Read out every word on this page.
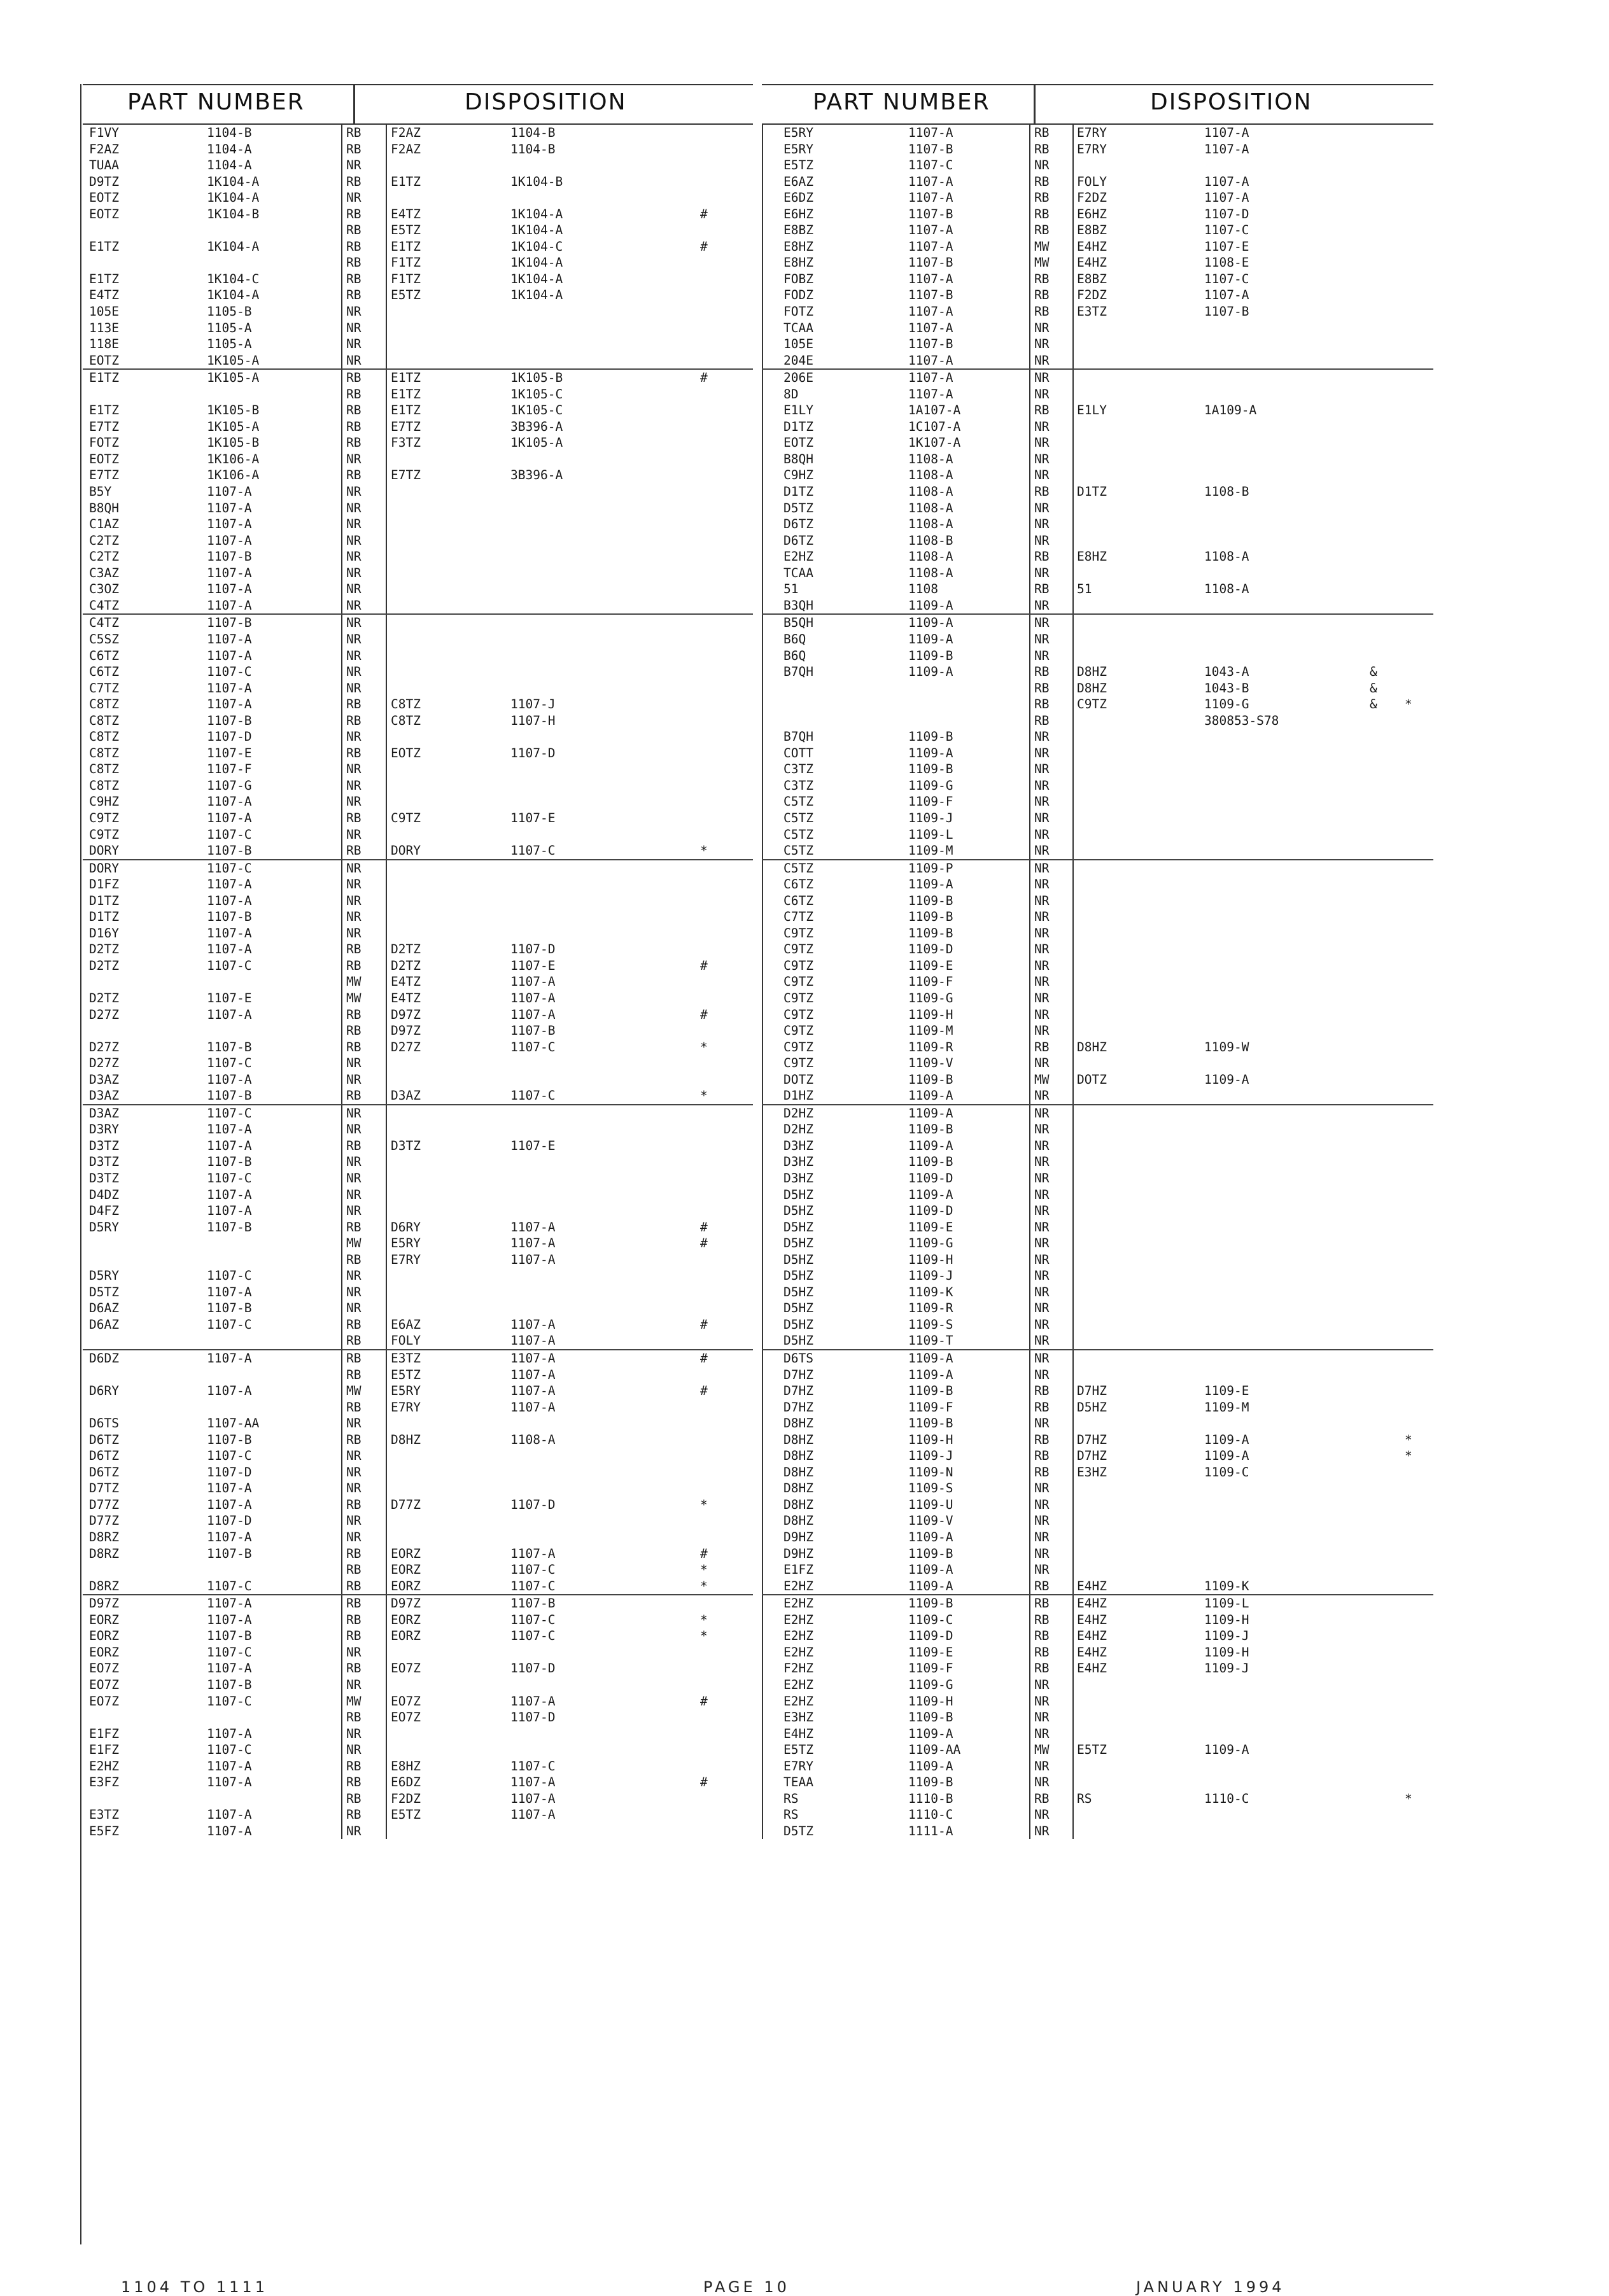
PART NUMBER	DISPOSITION
F1VY	1104-B	RB F2AZ	1104-B
F2AZ	1104-A	RB F2AZ	1104-B
TUAA	1104-A	NR
D9TZ	1K104-A	RB E1TZ	1K104-B
EOTZ	1K104-A	NR
EOTZ	1K104-B	RB E4TZ	1K104-A	#
RB E5TZ	1K104-A
E1TZ	1K104-A	RB E1TZ	1K104-C	#
RB F1TZ	1K104-A
E1TZ	1K104-C	RB F1TZ	1K104-A
E4TZ	1K104-A	RB E5TZ	1K104-A
105E	1105-B	NR
113E	1105-A	NR
118E	1105-A	NR
EOTZ	1K105-A	NR
E1TZ	1K105-A	RB E1TZ	1K105-B	#
RB E1TZ	1K105-C
E1TZ	1K105-B	RB E1TZ	1K105-C
E7TZ	1K105-A	RB E7TZ	3B396-A
FOTZ	1K105-B	RB F3TZ	1K105-A
EOTZ	1K106-A	NR
E7TZ	1K106-A	RB E7TZ	3B396-A
B5Y	1107-A	NR
B8QH	1107-A	NR
C1AZ	1107-A	NR
C2TZ	1107-A	NR
C2TZ	1107-B	NR
C3AZ	1107-A	NR
C3OZ	1107-A	NR
C4TZ	1107-A	NR
C4TZ	1107-B	NR
C5SZ	1107-A	NR
C6TZ	1107-A	NR
C6TZ	1107-C	NR
C7TZ	1107-A	NR
C8TZ	1107-A	RB C8TZ	1107-J
C8TZ	1107-B	RB C8TZ	1107-H
C8TZ	1107-D	NR
C8TZ	1107-E	RB EOTZ	1107-D
C8TZ	1107-F	NR
C8TZ	1107-G	NR
C9HZ	1107-A	NR
C9TZ	1107-A	RB C9TZ	1107-E
C9TZ	1107-C	NR
DORY	1107-B	RB DORY	1107-C	*
DORY	1107-C	NR
D1FZ	1107-A	NR
D1TZ	1107-A	NR
D1TZ	1107-B	NR
D16Y	1107-A	NR
D2TZ	1107-A	RB D2TZ	1107-D
D2TZ	1107-C	RB D2TZ	1107-E	#
MW E4TZ	1107-A
D2TZ	1107-E	MW E4TZ	1107-A
D27Z	1107-A	RB D97Z	1107-A	#
RB D97Z	1107-B
D27Z	1107-B	RB D27Z	1107-C	*
D27Z	1107-C	NR
D3AZ	1107-A	NR
D3AZ	1107-B	RB D3AZ	1107-C	*
D3AZ	1107-C	NR
D3RY	1107-A	NR
D3TZ	1107-A	RB D3TZ	1107-E
D3TZ	1107-B	NR
D3TZ	1107-C	NR
D4DZ	1107-A	NR
D4FZ	1107-A	NR
D5RY	1107-B	RB D6RY	1107-A	#
MW E5RY	1107-A	#
RB E7RY	1107-A
D5RY	1107-C	NR
D5TZ	1107-A	NR
D6AZ	1107-B	NR
D6AZ	1107-C	RB E6AZ	1107-A	#
RB FOLY	1107-A
D6DZ	1107-A	RB E3TZ	1107-A	#
RB E5TZ	1107-A
D6RY	1107-A	MW E5RY	1107-A	#
RB E7RY	1107-A
D6TS	1107-AA	NR
D6TZ	1107-B	RB D8HZ	1108-A
D6TZ	1107-C	NR
D6TZ	1107-D	NR
D7TZ	1107-A	NR
D77Z	1107-A	RB D77Z	1107-D	*
D77Z	1107-D	NR
D8RZ	1107-A	NR
D8RZ	1107-B	RB EORZ	1107-A	#
RB EORZ	1107-C	*
D8RZ	1107-C	RB EORZ	1107-C	*
D97Z	1107-A	RB D97Z	1107-B
EORZ	1107-A	RB EORZ	1107-C	*
EORZ	1107-B	RB EORZ	1107-C	*
EORZ	1107-C	NR
EO7Z	1107-A	RB EO7Z	1107-D
EO7Z	1107-B	NR
EO7Z	1107-C	MW EO7Z	1107-A	#
RB EO7Z	1107-D
E1FZ	1107-A	NR
E1FZ	1107-C	NR
E2HZ	1107-A	RB E8HZ	1107-C
E3FZ	1107-A	RB E6DZ	1107-A	#
RB F2DZ	1107-A
E3TZ	1107-A	RB E5TZ	1107-A
E5FZ	1107-A	NR
PART NUMBER	DISPOSITION
E5RY	1107-A	RB E7RY	1107-A
E5RY	1107-B	RB E7RY	1107-A
E5TZ	1107-C	NR
E6AZ	1107-A	RB FOLY	1107-A
E6DZ	1107-A	RB F2DZ	1107-A
E6HZ	1107-B	RB E6HZ	1107-D
E8BZ	1107-A	RB E8BZ	1107-C
E8HZ	1107-A	MW E4HZ	1107-E
E8HZ	1107-B	MW E4HZ	1108-E
FOBZ	1107-A	RB E8BZ	1107-C
FODZ	1107-B	RB F2DZ	1107-A
FOTZ	1107-A	RB E3TZ	1107-B
TCAA	1107-A	NR
105E	1107-B	NR
204E	1107-A	NR
206E	1107-A	NR
8D	1107-A	NR
E1LY	1A107-A	RB E1LY	1A109-A
D1TZ	1C107-A	NR
EOTZ	1K107-A	NR
B8QH	1108-A	NR
C9HZ	1108-A	NR
D1TZ	1108-A	RB D1TZ	1108-B
D5TZ	1108-A	NR
D6TZ	1108-A	NR
D6TZ	1108-B	NR
E2HZ	1108-A	RB E8HZ	1108-A
TCAA	1108-A	NR
51	1108	RB 51	1108-A
B3QH	1109-A	NR
B5QH	1109-A	NR
B6Q	1109-A	NR
B6Q	1109-B	NR
B7QH	1109-A	RB D8HZ	1043-A	&
RB D8HZ	1043-B	&
RB C9TZ	1109-G	& *
RB	380853-S78
B7QH	1109-B	NR
COTT	1109-A	NR
C3TZ	1109-B	NR
C3TZ	1109-G	NR
C5TZ	1109-F	NR
C5TZ	1109-J	NR
C5TZ	1109-L	NR
C5TZ	1109-M	NR
C5TZ	1109-P	NR
C6TZ	1109-A	NR
C6TZ	1109-B	NR
C7TZ	1109-B	NR
C9TZ	1109-B	NR
C9TZ	1109-D	NR
C9TZ	1109-E	NR
C9TZ	1109-F	NR
C9TZ	1109-G	NR
C9TZ	1109-H	NR
C9TZ	1109-M	NR
C9TZ	1109-R	RB D8HZ	1109-W
C9TZ	1109-V	NR
DOTZ	1109-B	MW DOTZ	1109-A
D1HZ	1109-A	NR
D2HZ	1109-A	NR
D2HZ	1109-B	NR
D3HZ	1109-A	NR
D3HZ	1109-B	NR
D3HZ	1109-D	NR
D5HZ	1109-A	NR
D5HZ	1109-D	NR
D5HZ	1109-E	NR
D5HZ	1109-G	NR
D5HZ	1109-H	NR
D5HZ	1109-J	NR
D5HZ	1109-K	NR
D5HZ	1109-R	NR
D5HZ	1109-S	NR
D5HZ	1109-T	NR
D6TS	1109-A	NR
D7HZ	1109-A	NR
D7HZ	1109-B	RB D7HZ	1109-E
D7HZ	1109-F	RB D5HZ	1109-M
D8HZ	1109-B	NR
D8HZ	1109-H	RB D7HZ	1109-A	*
D8HZ	1109-J	RB D7HZ	1109-A	*
D8HZ	1109-N	RB E3HZ	1109-C
D8HZ	1109-S	NR
D8HZ	1109-U	NR
D8HZ	1109-V	NR
D9HZ	1109-A	NR
D9HZ	1109-B	NR
E1FZ	1109-A	NR
E2HZ	1109-A	RB E4HZ	1109-K
E2HZ	1109-B	RB E4HZ	1109-L
E2HZ	1109-C	RB E4HZ	1109-H
E2HZ	1109-D	RB E4HZ	1109-J
E2HZ	1109-E	RB E4HZ	1109-H
F2HZ	1109-F	RB E4HZ	1109-J
E2HZ	1109-G	NR
E2HZ	1109-H	NR
E3HZ	1109-B	NR
E4HZ	1109-A	NR
E5TZ	1109-AA	MW E5TZ	1109-A
E7RY	1109-A	NR
TEAA	1109-B	NR
RS	1110-B	RB RS	1110-C	*
RS	1110-C	NR
D5TZ	1111-A	NR
1104 TO 1111	PAGE 10	JANUARY 1994
